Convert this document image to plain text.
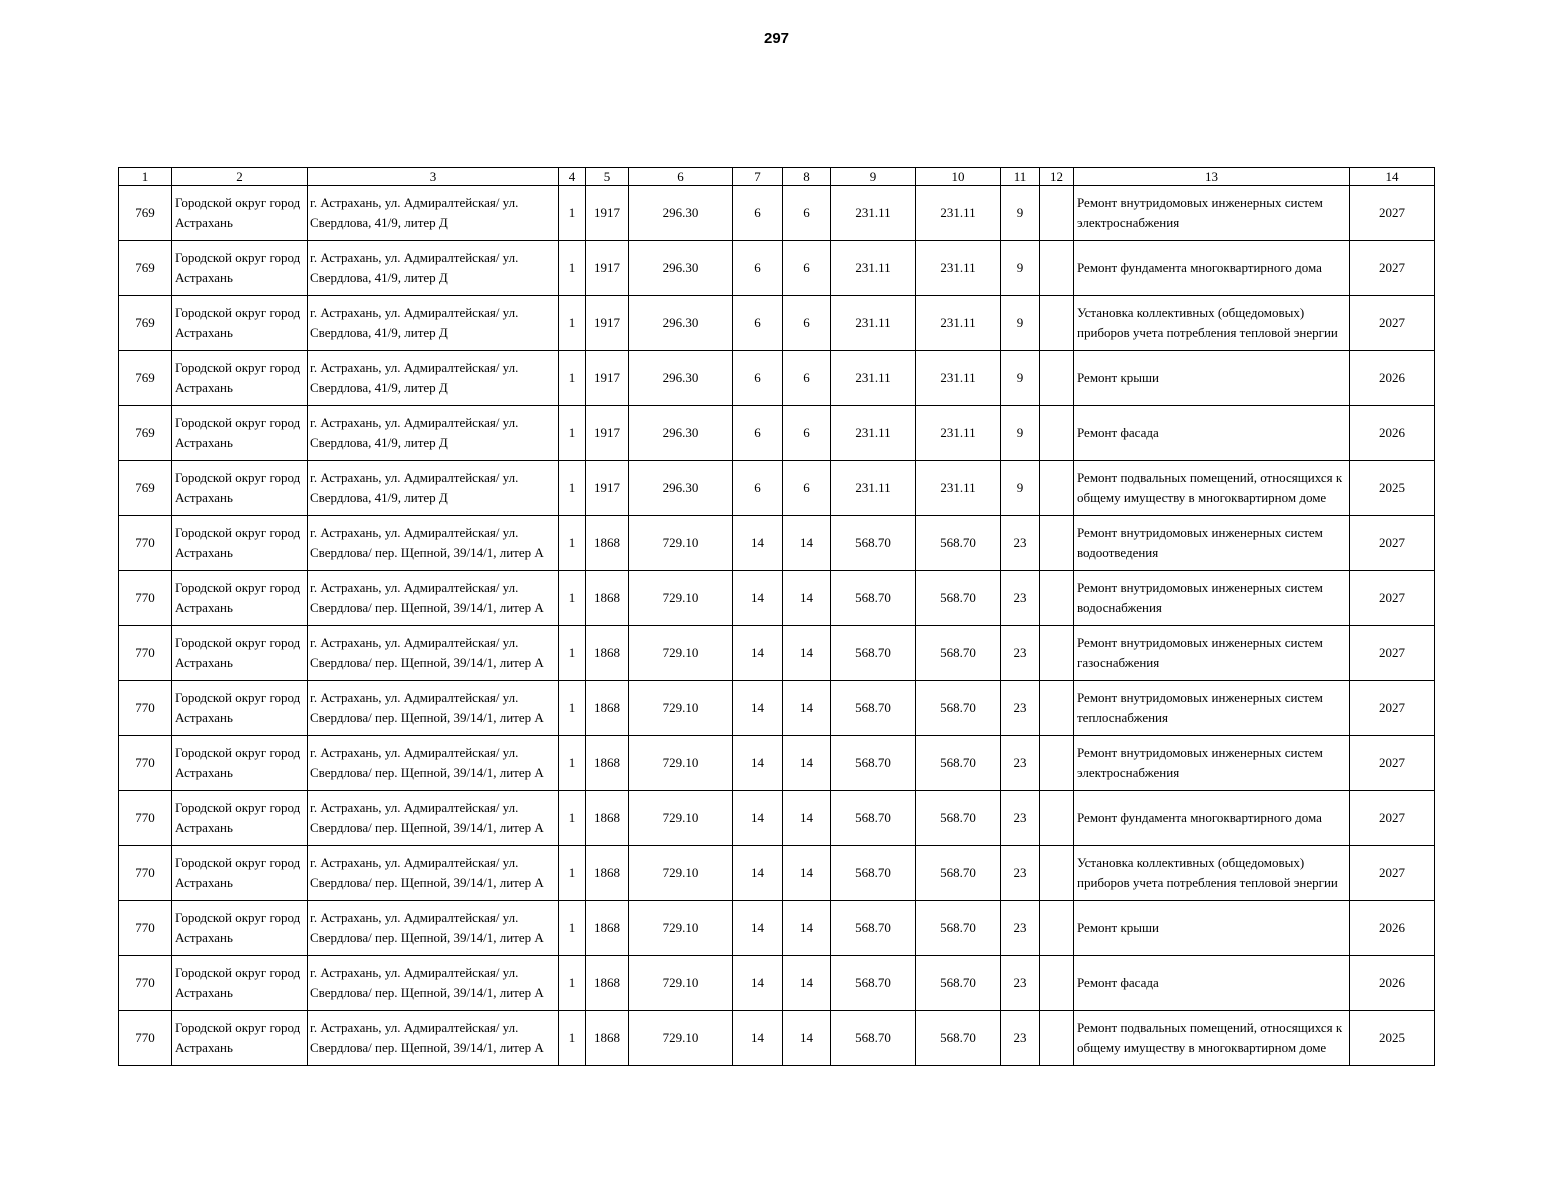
297
1	2	3	4	5	6	7	8	9	10	11	12	13	14
769	Городской округ город Астрахань	г. Астрахань, ул. Адмиралтейская/ ул. Свердлова, 41/9, литер Д	1	1917	296.30	6	6	231.11	231.11	9		Ремонт внутридомовых инженерных систем электроснабжения	2027
769	Городской округ город Астрахань	г. Астрахань, ул. Адмиралтейская/ ул. Свердлова, 41/9, литер Д	1	1917	296.30	6	6	231.11	231.11	9		Ремонт фундамента многоквартирного дома	2027
769	Городской округ город Астрахань	г. Астрахань, ул. Адмиралтейская/ ул. Свердлова, 41/9, литер Д	1	1917	296.30	6	6	231.11	231.11	9		Установка коллективных (общедомовых) приборов учета потребления тепловой энергии	2027
769	Городской округ город Астрахань	г. Астрахань, ул. Адмиралтейская/ ул. Свердлова, 41/9, литер Д	1	1917	296.30	6	6	231.11	231.11	9		Ремонт крыши	2026
769	Городской округ город Астрахань	г. Астрахань, ул. Адмиралтейская/ ул. Свердлова, 41/9, литер Д	1	1917	296.30	6	6	231.11	231.11	9		Ремонт фасада	2026
769	Городской округ город Астрахань	г. Астрахань, ул. Адмиралтейская/ ул. Свердлова, 41/9, литер Д	1	1917	296.30	6	6	231.11	231.11	9		Ремонт подвальных помещений, относящихся к общему имуществу в многоквартирном доме	2025
770	Городской округ город Астрахань	г. Астрахань, ул. Адмиралтейская/ ул. Свердлова/ пер. Щепной, 39/14/1, литер А	1	1868	729.10	14	14	568.70	568.70	23		Ремонт внутридомовых инженерных систем водоотведения	2027
770	Городской округ город Астрахань	г. Астрахань, ул. Адмиралтейская/ ул. Свердлова/ пер. Щепной, 39/14/1, литер А	1	1868	729.10	14	14	568.70	568.70	23		Ремонт внутридомовых инженерных систем водоснабжения	2027
770	Городской округ город Астрахань	г. Астрахань, ул. Адмиралтейская/ ул. Свердлова/ пер. Щепной, 39/14/1, литер А	1	1868	729.10	14	14	568.70	568.70	23		Ремонт внутридомовых инженерных систем газоснабжения	2027
770	Городской округ город Астрахань	г. Астрахань, ул. Адмиралтейская/ ул. Свердлова/ пер. Щепной, 39/14/1, литер А	1	1868	729.10	14	14	568.70	568.70	23		Ремонт внутридомовых инженерных систем теплоснабжения	2027
770	Городской округ город Астрахань	г. Астрахань, ул. Адмиралтейская/ ул. Свердлова/ пер. Щепной, 39/14/1, литер А	1	1868	729.10	14	14	568.70	568.70	23		Ремонт внутридомовых инженерных систем электроснабжения	2027
770	Городской округ город Астрахань	г. Астрахань, ул. Адмиралтейская/ ул. Свердлова/ пер. Щепной, 39/14/1, литер А	1	1868	729.10	14	14	568.70	568.70	23		Ремонт фундамента многоквартирного дома	2027
770	Городской округ город Астрахань	г. Астрахань, ул. Адмиралтейская/ ул. Свердлова/ пер. Щепной, 39/14/1, литер А	1	1868	729.10	14	14	568.70	568.70	23		Установка коллективных (общедомовых) приборов учета потребления тепловой энергии	2027
770	Городской округ город Астрахань	г. Астрахань, ул. Адмиралтейская/ ул. Свердлова/ пер. Щепной, 39/14/1, литер А	1	1868	729.10	14	14	568.70	568.70	23		Ремонт крыши	2026
770	Городской округ город Астрахань	г. Астрахань, ул. Адмиралтейская/ ул. Свердлова/ пер. Щепной, 39/14/1, литер А	1	1868	729.10	14	14	568.70	568.70	23		Ремонт фасада	2026
770	Городской округ город Астрахань	г. Астрахань, ул. Адмиралтейская/ ул. Свердлова/ пер. Щепной, 39/14/1, литер А	1	1868	729.10	14	14	568.70	568.70	23		Ремонт подвальных помещений, относящихся к общему имуществу в многоквартирном доме	2025
